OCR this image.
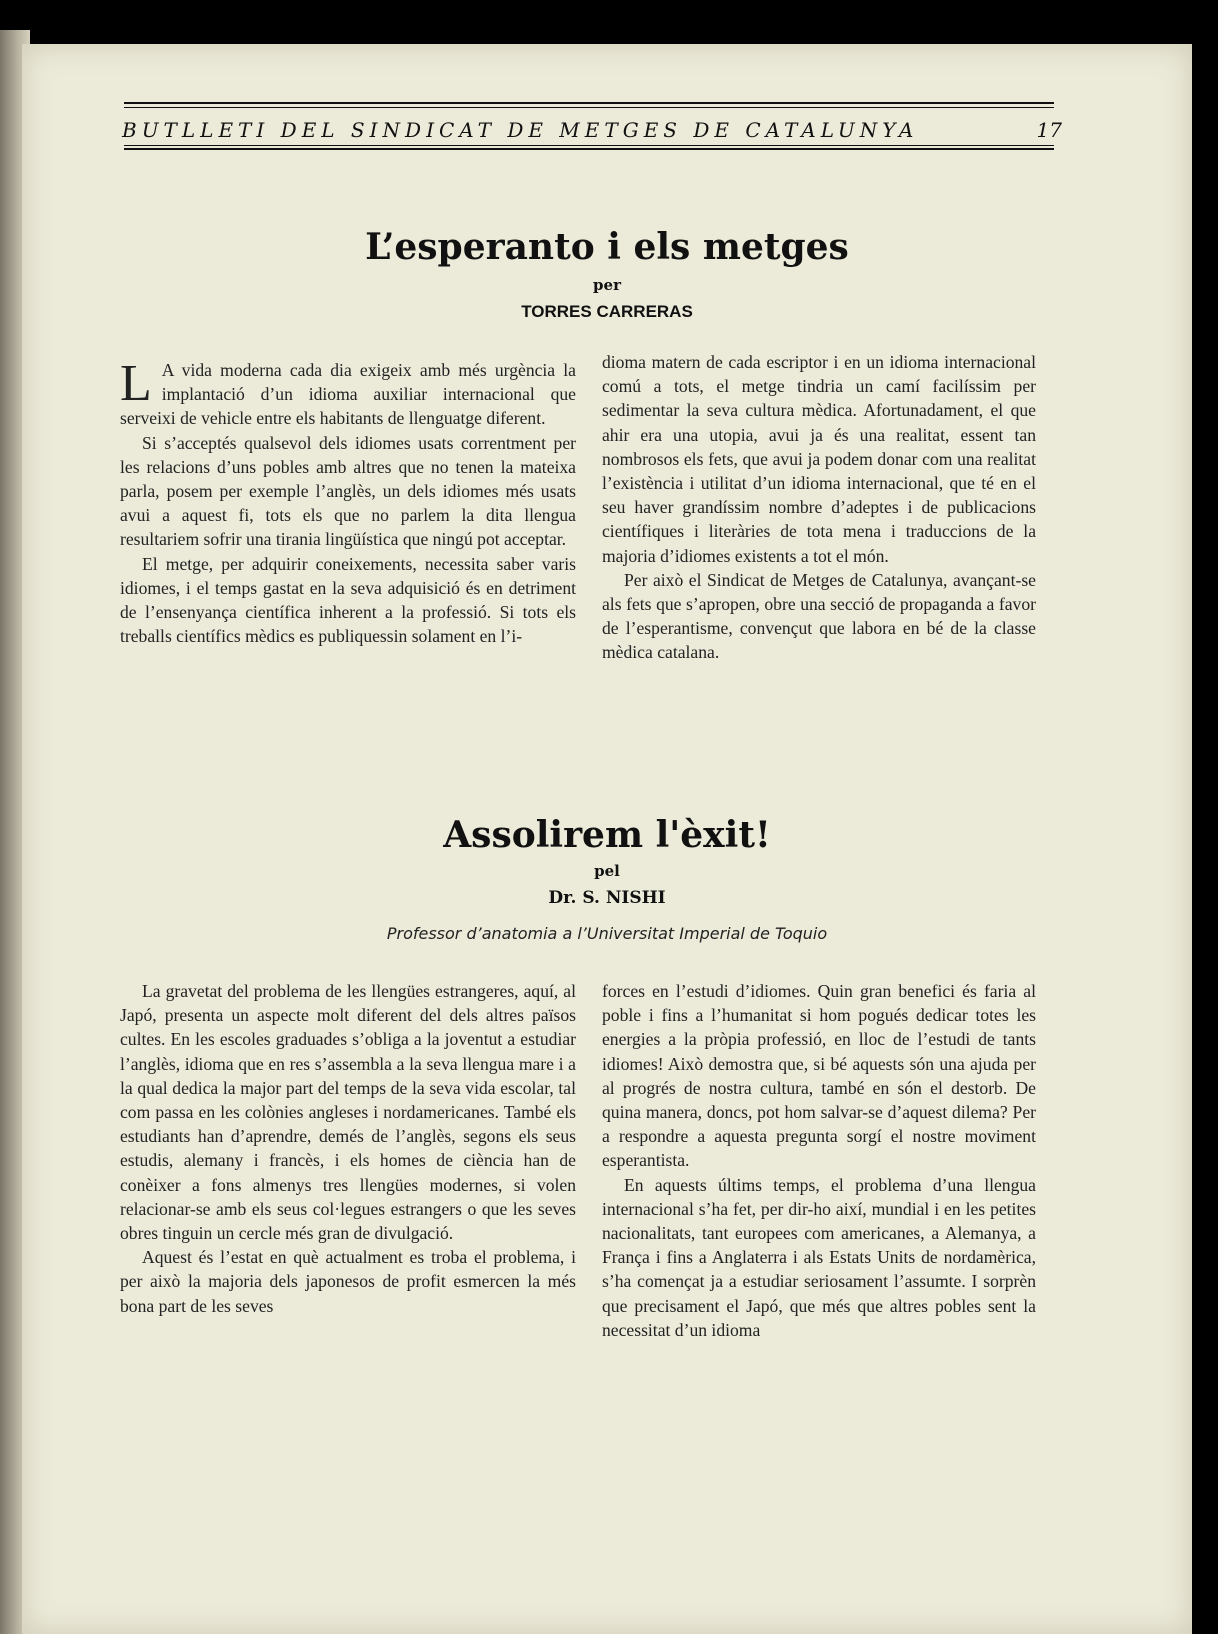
BUTLLETI DEL SINDICAT DE METGES DE CATALUNYA	17
L’esperanto i els metges
per
TORRES CARRERAS

L A vida moderna cada dia exigeix amb més urgència la implantació d’un idioma auxiliar internacional que serveixi de vehicle entre els habitants de llenguatge diferent.

Si s’acceptés qualsevol dels idiomes usats correntment per les relacions d’uns pobles amb altres que no tenen la mateixa parla, posem per exemple l’anglès, un dels idiomes més usats avui a aquest fi, tots els que no parlem la dita llengua resultariem sofrir una tirania lingüística que ningú pot acceptar.

El metge, per adquirir coneixements, necessita saber varis idiomes, i el temps gastat en la seva adquisició és en detriment de l’ensenyança científica inherent a la professió. Si tots els treballs científics mèdics es publiquessin solament en l’i-

dioma matern de cada escriptor i en un idioma internacional comú a tots, el metge tindria un camí facilíssim per sedimentar la seva cultura mèdica. Afortunadament, el que ahir era una utopia, avui ja és una realitat, essent tan nombrosos els fets, que avui ja podem donar com una realitat l’existència i utilitat d’un idioma internacional, que té en el seu haver grandíssim nombre d’adeptes i de publicacions científiques i literàries de tota mena i traduccions de la majoria d’idiomes existents a tot el món.

Per això el Sindicat de Metges de Catalunya, avançant-se als fets que s’apropen, obre una secció de propaganda a favor de l’esperantisme, convençut que labora en bé de la classe mèdica catalana.

Assolirem l'èxit!
pel
Dr. S. NISHI
Professor d’anatomia a l’Universitat Imperial de Toquio

La gravetat del problema de les llengües estrangeres, aquí, al Japó, presenta un aspecte molt diferent del dels altres països cultes. En les escoles graduades s’obliga a la joventut a estudiar l’anglès, idioma que en res s’assembla a la seva llengua mare i a la qual dedica la major part del temps de la seva vida escolar, tal com passa en les colònies angleses i nordamericanes. També els estudiants han d’aprendre, demés de l’anglès, segons els seus estudis, alemany i francès, i els homes de ciència han de conèixer a fons almenys tres llengües modernes, si volen relacionar-se amb els seus col·legues estrangers o que les seves obres tinguin un cercle més gran de divulgació.

Aquest és l’estat en què actualment es troba el problema, i per això la majoria dels japonesos de profit esmercen la més bona part de les seves

forces en l’estudi d’idiomes. Quin gran benefici és faria al poble i fins a l’humanitat si hom pogués dedicar totes les energies a la pròpia professió, en lloc de l’estudi de tants idiomes! Això demostra que, si bé aquests són una ajuda per al progrés de nostra cultura, també en són el destorb. De quina manera, doncs, pot hom salvar-se d’aquest dilema? Per a respondre a aquesta pregunta sorgí el nostre moviment esperantista.

En aquests últims temps, el problema d’una llengua internacional s’ha fet, per dir-ho així, mundial i en les petites nacionalitats, tant europees com americanes, a Alemanya, a França i fins a Anglaterra i als Estats Units de nordamèrica, s’ha començat ja a estudiar seriosament l’assumte. I sorprèn que precisament el Japó, que més que altres pobles sent la necessitat d’un idioma
